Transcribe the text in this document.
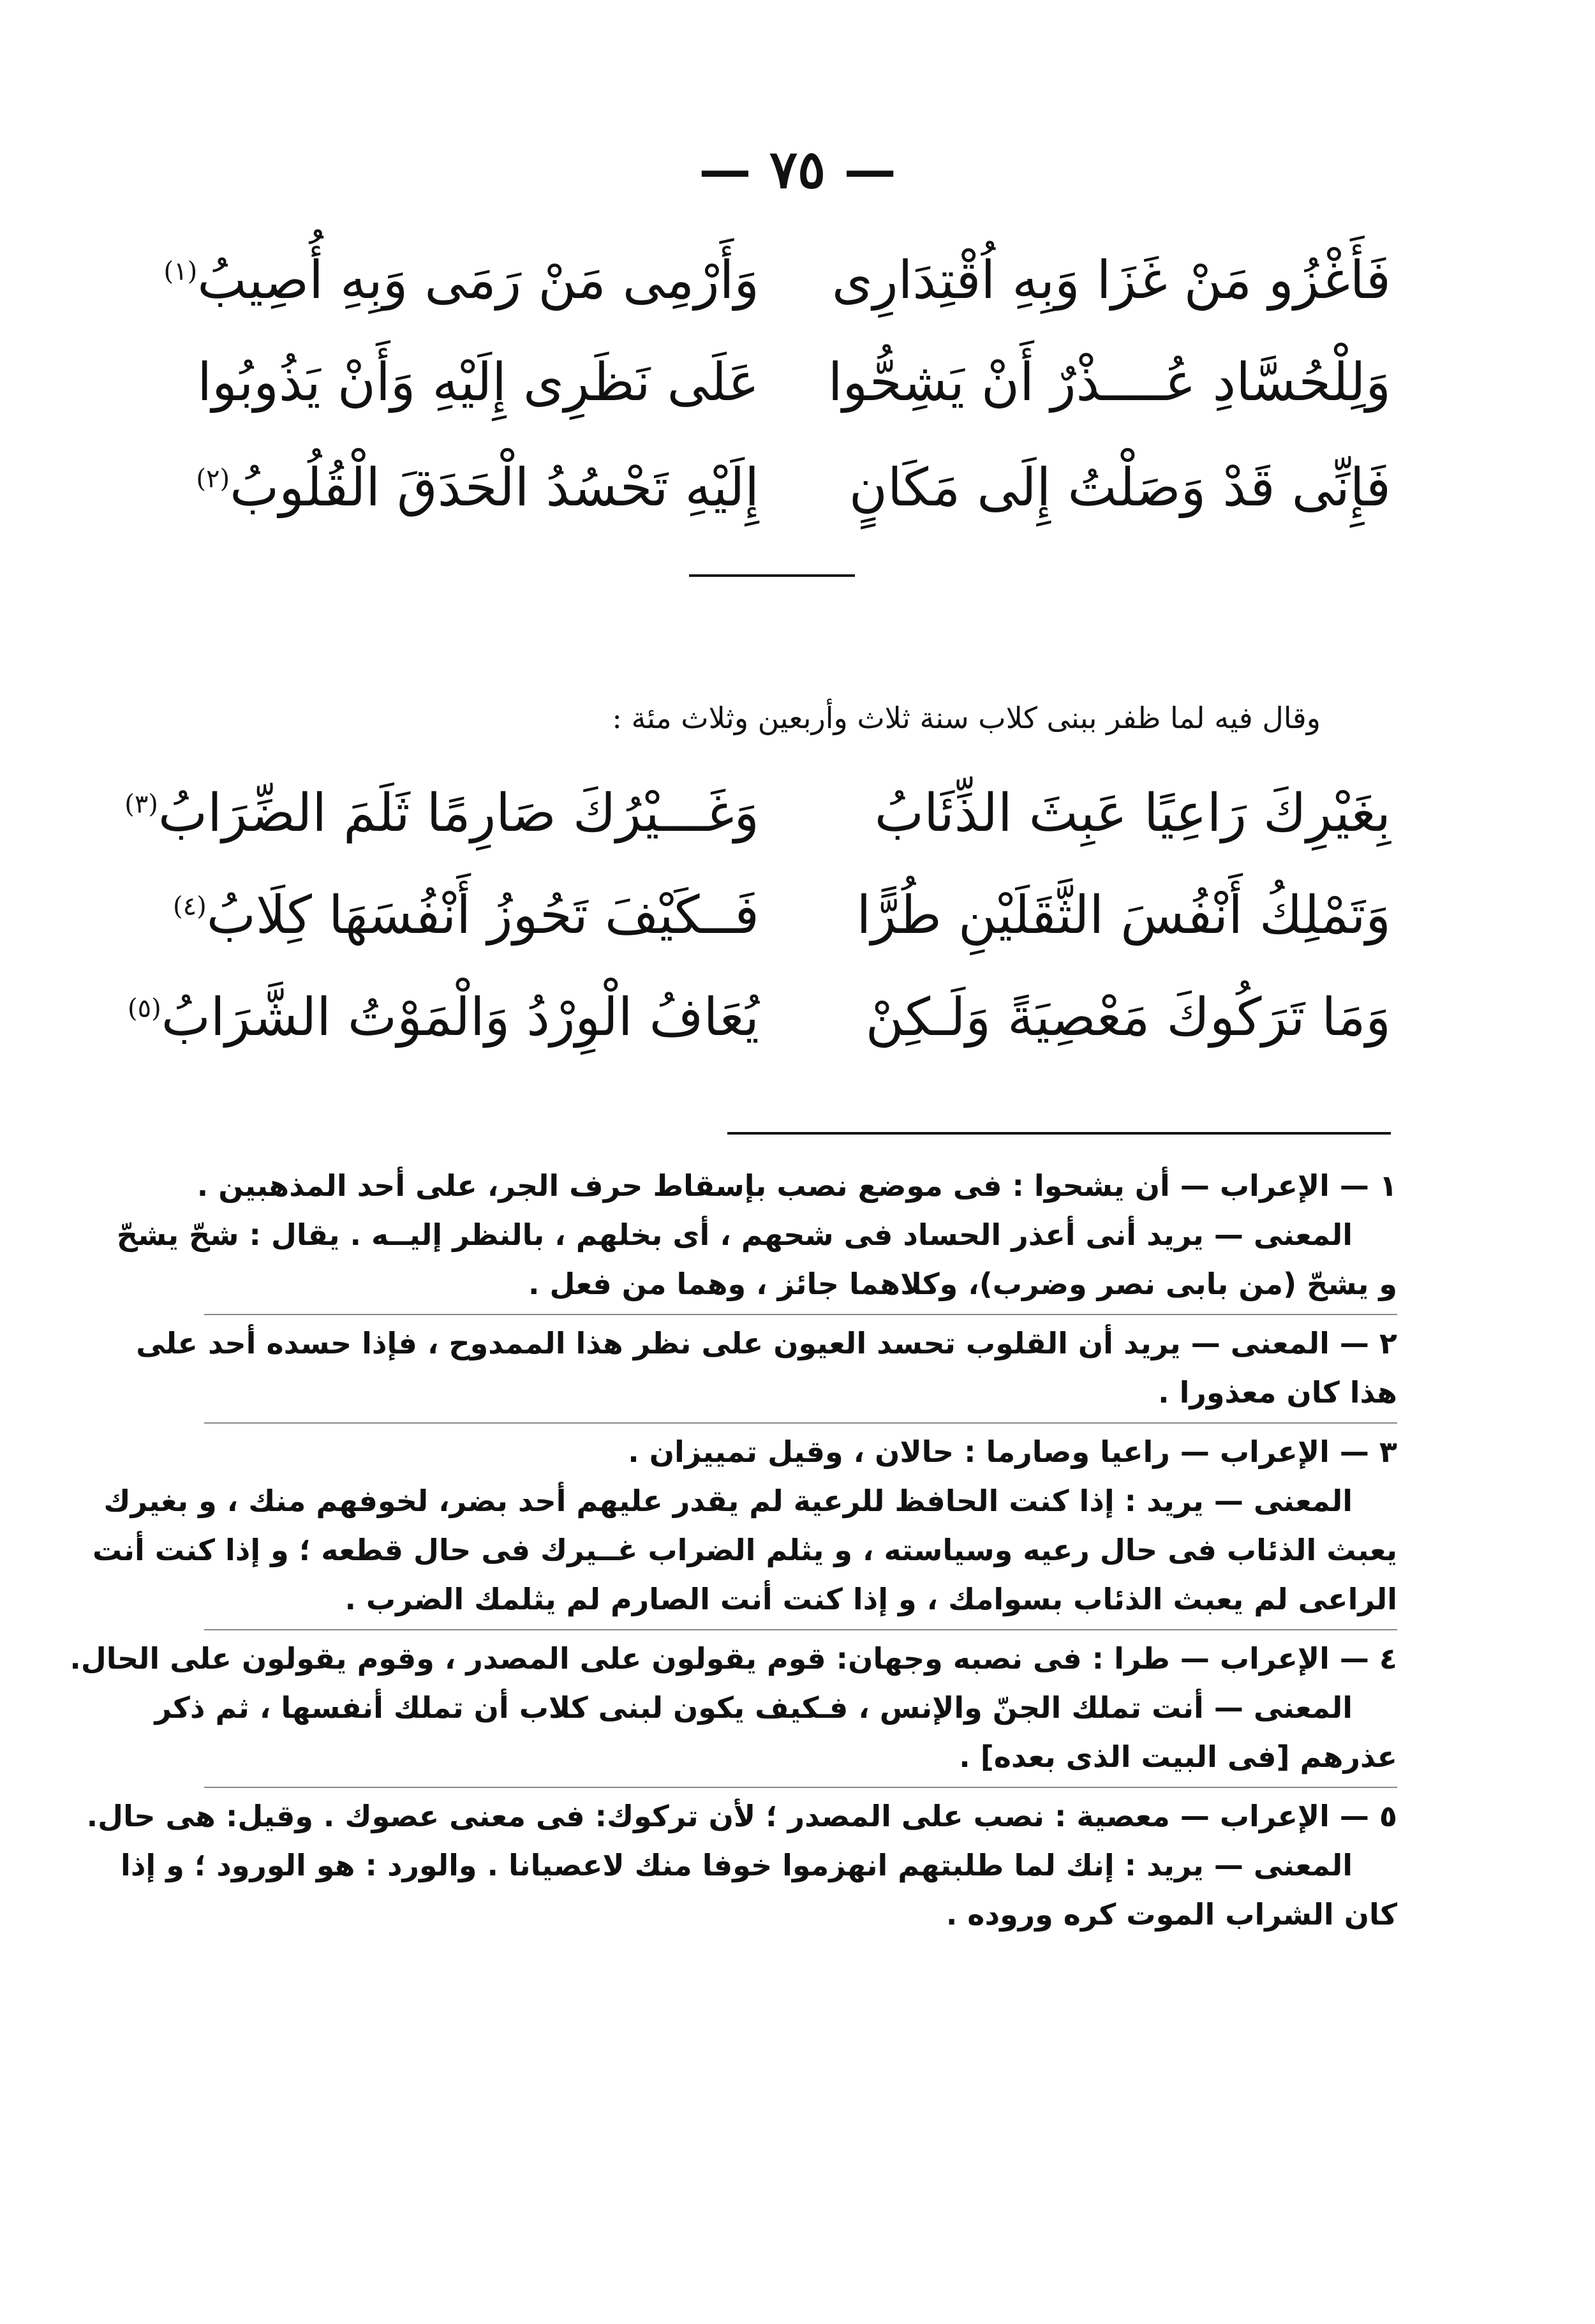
— ٧٥ —
فَأَغْزُو مَنْ غَزَا وَبِهِ اُقْتِدَارِى
وَأَرْمِى مَنْ رَمَى وَبِهِ أُصِيبُ$^{(١)}$
وَلِلْحُسَّادِ عُــــذْرٌ أَنْ يَشِحُّوا
عَلَى نَظَرِى إِلَيْهِ وَأَنْ يَذُوبُوا
فَإِنِّى قَدْ وَصَلْتُ إِلَى مَكَانٍ
إِلَيْهِ تَحْسُدُ الْحَدَقَ الْقُلُوبُ$^{(٢)}$
وقال فيه لما ظفر ببنى كلاب سنة ثلاث وأربعين وثلاث مئة :
بِغَيْرِكَ رَاعِيًا عَبِثَ الذِّئَابُ
وَغَـــيْرُكَ صَارِمًا ثَلَمَ الضِّرَابُ$^{(٣)}$
وَتَمْلِكُ أَنْفُسَ الثَّقَلَيْنِ طُرًّا
فَــكَيْفَ تَحُوزُ أَنْفُسَهَا كِلَابُ$^{(٤)}$
وَمَا تَرَكُوكَ مَعْصِيَةً وَلَـكِنْ
يُعَافُ الْوِرْدُ وَالْمَوْتُ الشَّرَابُ$^{(٥)}$
١ — الإعراب — أن يشحوا : فى موضع نصب بإسقاط حرف الجر، على أحد المذهبين .
المعنى — يريد أنى أعذر الحساد فى شحهم ، أى بخلهم ، بالنظر إليــه . يقال : شحّ يشحّ
و يشحّ (من بابى نصر وضرب)، وكلاهما جائز ، وهما من فعل .
٢ — المعنى — يريد أن القلوب تحسد العيون على نظر هذا الممدوح ، فإذا حسده أحد على
هذا كان معذورا .
٣ — الإعراب — راعيا وصارما : حالان ، وقيل تمييزان .
المعنى — يريد : إذا كنت الحافظ للرعية لم يقدر عليهم أحد بضر، لخوفهم منك ، و بغيرك
يعبث الذئاب فى حال رعيه وسياسته ، و يثلم الضراب غــيرك فى حال قطعه ؛ و إذا كنت أنت
الراعى لم يعبث الذئاب بسوامك ، و إذا كنت أنت الصارم لم يثلمك الضرب .
٤ — الإعراب — طرا : فى نصبه وجهان: قوم يقولون على المصدر ، وقوم يقولون على الحال.
المعنى — أنت تملك الجنّ والإنس ، فـكيف يكون لبنى كلاب أن تملك أنفسها ، ثم ذكر
عذرهم [فى البيت الذى بعده] .
٥ — الإعراب — معصية : نصب على المصدر ؛ لأن تركوك: فى معنى عصوك . وقيل: هى حال.
المعنى — يريد : إنك لما طلبتهم انهزموا خوفا منك لاعصيانا . والورد : هو الورود ؛ و إذا
كان الشراب الموت كره وروده .
